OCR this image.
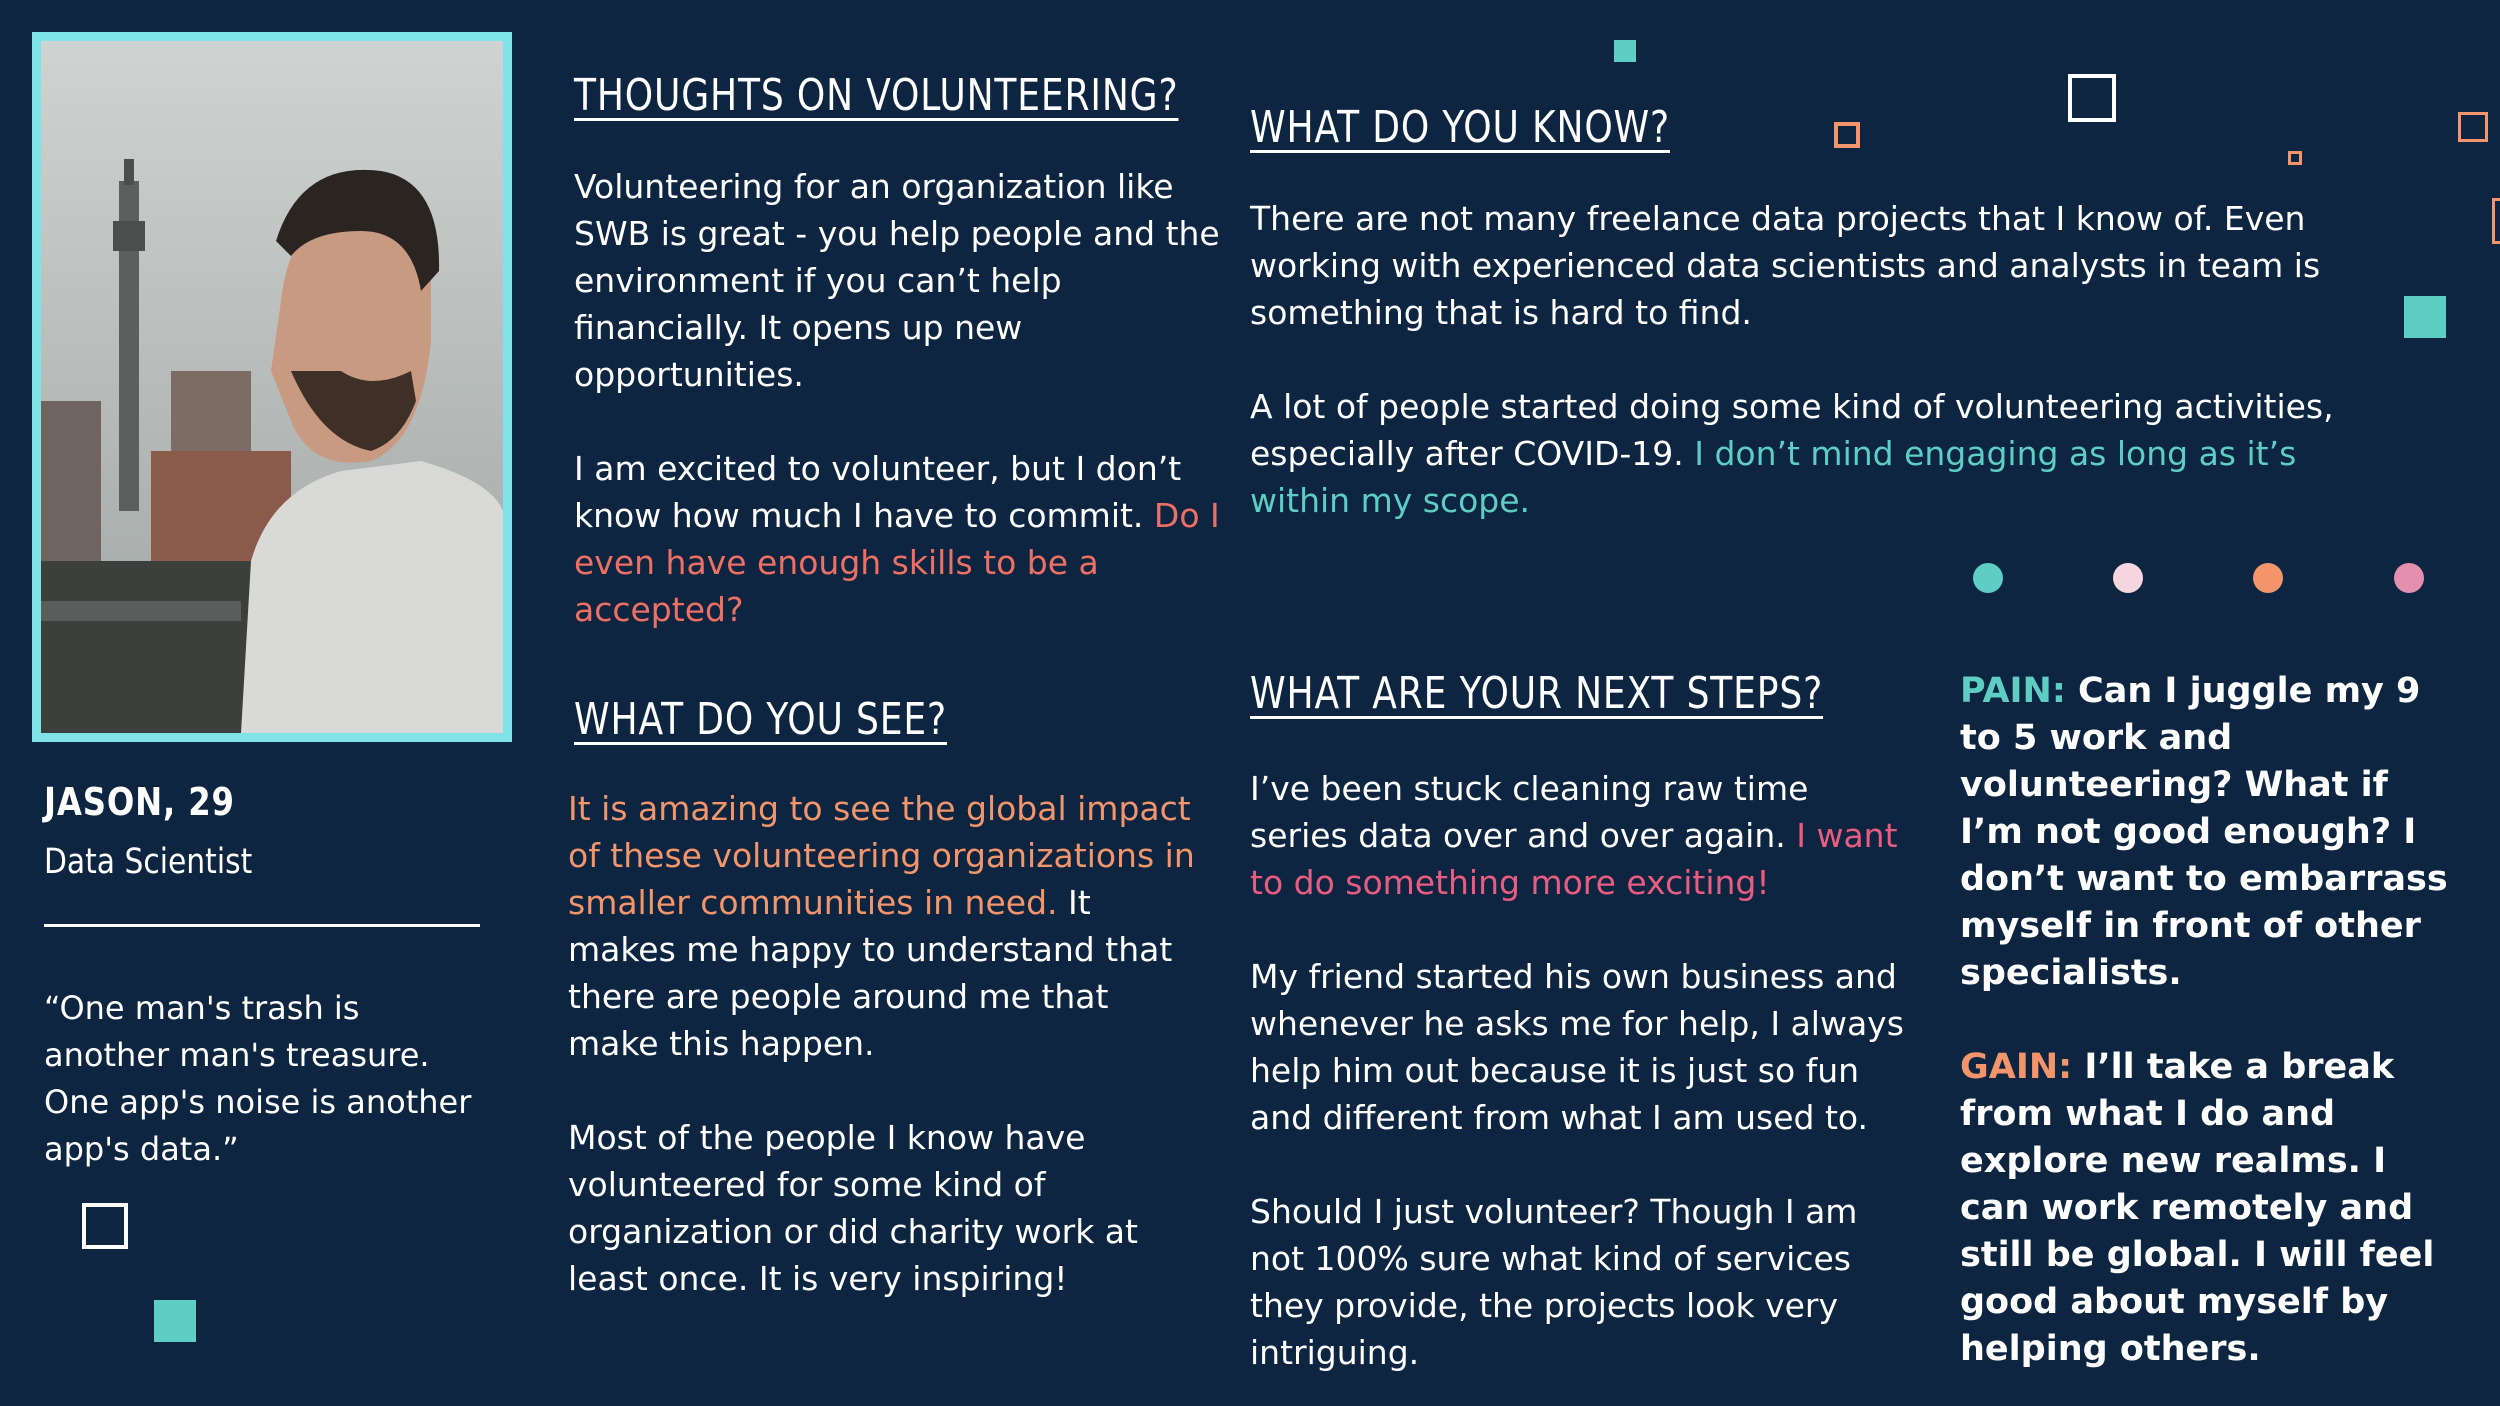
JASON, 29
Data Scientist
“One man's trash is another man's treasure. One app's noise is another app's data.”
THOUGHTS ON VOLUNTEERING?

Volunteering for an organization like SWB is great - you help people and the environment if you can’t help financially. It opens up new opportunities.

I am excited to volunteer, but I don’t know how much I have to commit. Do I even have enough skills to be a accepted?

WHAT DO YOU SEE?

It is amazing to see the global impact of these volunteering organizations in smaller communities in need. It makes me happy to understand that there are people around me that make this happen.

Most of the people I know have volunteered for some kind of organization or did charity work at least once. It is very inspiring!

WHAT DO YOU KNOW?

There are not many freelance data projects that I know of. Even working with experienced data scientists and analysts in team is something that is hard to find.

A lot of people started doing some kind of volunteering activities, especially after COVID-19. I don’t mind engaging as long as it’s within my scope.

WHAT ARE YOUR NEXT STEPS?

I’ve been stuck cleaning raw time series data over and over again. I want to do something more exciting!

My friend started his own business and whenever he asks me for help, I always help him out because it is just so fun and different from what I am used to.

Should I just volunteer? Though I am not 100% sure what kind of services they provide, the projects look very intriguing.

PAIN: Can I juggle my 9 to 5 work and volunteering? What if I’m not good enough? I don’t want to embarrass myself in front of other specialists.

GAIN: I’ll take a break from what I do and explore new realms. I can work remotely and still be global. I will feel good about myself by helping others.
